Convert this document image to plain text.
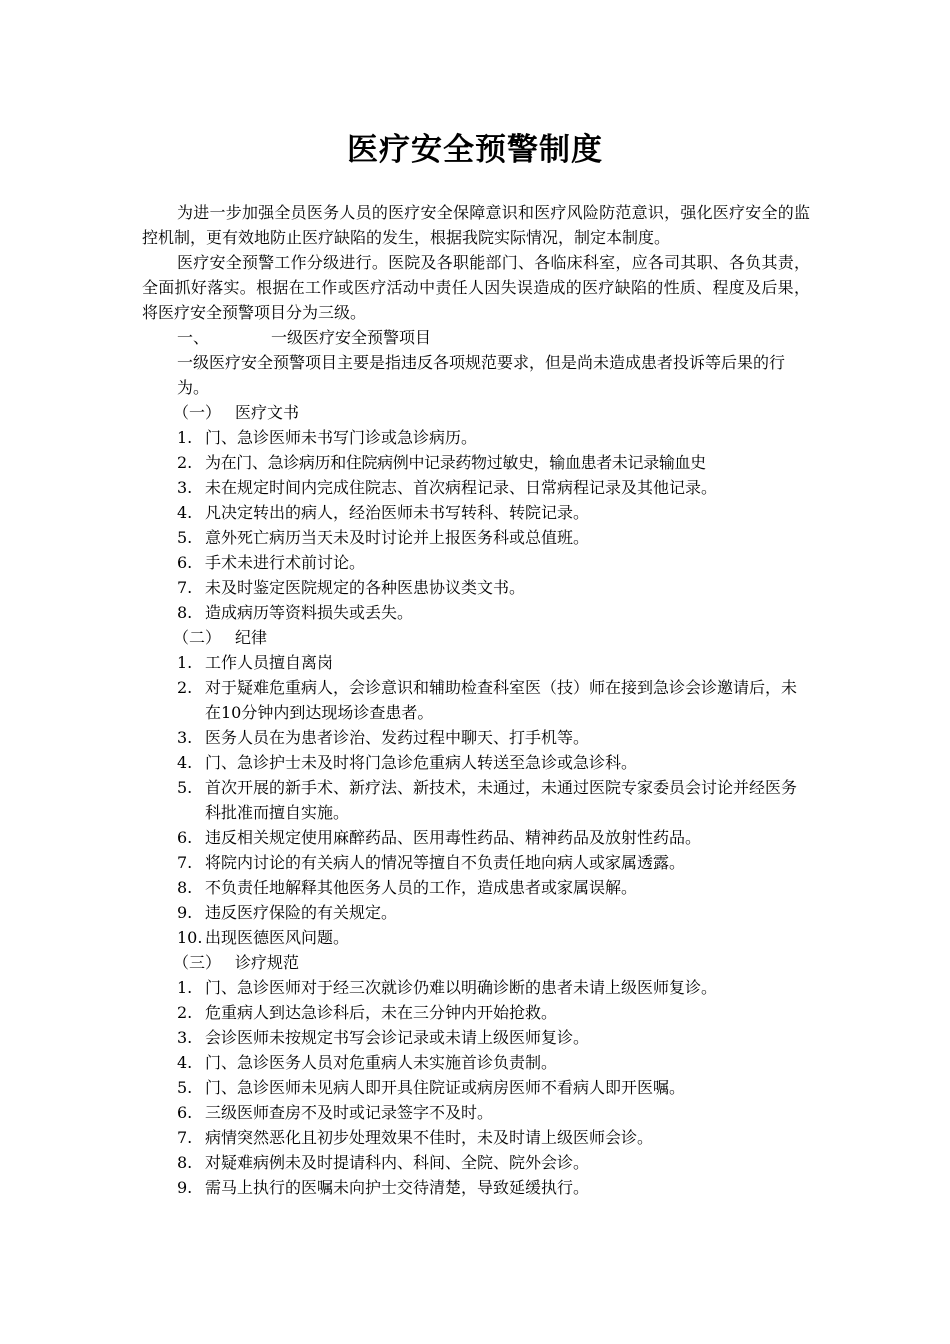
医疗安全预警制度

为进一步加强全员医务人员的医疗安全保障意识和医疗风险防范意识，强化医疗安全的监控机制，更有效地防止医疗缺陷的发生，根据我院实际情况，制定本制度。

医疗安全预警工作分级进行。医院及各职能部门、各临床科室，应各司其职、各负其责，全面抓好落实。根据在工作或医疗活动中责任人因失误造成的医疗缺陷的性质、程度及后果，将医疗安全预警项目分为三级。

一、	一级医疗安全预警项目

一级医疗安全预警项目主要是指违反各项规范要求，但是尚未造成患者投诉等后果的行为。

（一） 医疗文书

1. 门、急诊医师未书写门诊或急诊病历。
2. 为在门、急诊病历和住院病例中记录药物过敏史，输血患者未记录输血史
3. 未在规定时间内完成住院志、首次病程记录、日常病程记录及其他记录。
4. 凡决定转出的病人，经治医师未书写转科、转院记录。
5. 意外死亡病历当天未及时讨论并上报医务科或总值班。
6. 手术未进行术前讨论。
7. 未及时鉴定医院规定的各种医患协议类文书。
8. 造成病历等资料损失或丢失。

（二） 纪律

1. 工作人员擅自离岗
2. 对于疑难危重病人，会诊意识和辅助检查科室医（技）师在接到急诊会诊邀请后，未在10分钟内到达现场诊查患者。
3. 医务人员在为患者诊治、发药过程中聊天、打手机等。
4. 门、急诊护士未及时将门急诊危重病人转送至急诊或急诊科。
5. 首次开展的新手术、新疗法、新技术，未通过，未通过医院专家委员会讨论并经医务科批准而擅自实施。
6. 违反相关规定使用麻醉药品、医用毒性药品、精神药品及放射性药品。
7. 将院内讨论的有关病人的情况等擅自不负责任地向病人或家属透露。
8. 不负责任地解释其他医务人员的工作，造成患者或家属误解。
9. 违反医疗保险的有关规定。
10. 出现医德医风问题。

（三） 诊疗规范

1. 门、急诊医师对于经三次就诊仍难以明确诊断的患者未请上级医师复诊。
2. 危重病人到达急诊科后，未在三分钟内开始抢救。
3. 会诊医师未按规定书写会诊记录或未请上级医师复诊。
4. 门、急诊医务人员对危重病人未实施首诊负责制。
5. 门、急诊医师未见病人即开具住院证或病房医师不看病人即开医嘱。
6. 三级医师查房不及时或记录签字不及时。
7. 病情突然恶化且初步处理效果不佳时，未及时请上级医师会诊。
8. 对疑难病例未及时提请科内、科间、全院、院外会诊。
9. 需马上执行的医嘱未向护士交待清楚，导致延缓执行。
